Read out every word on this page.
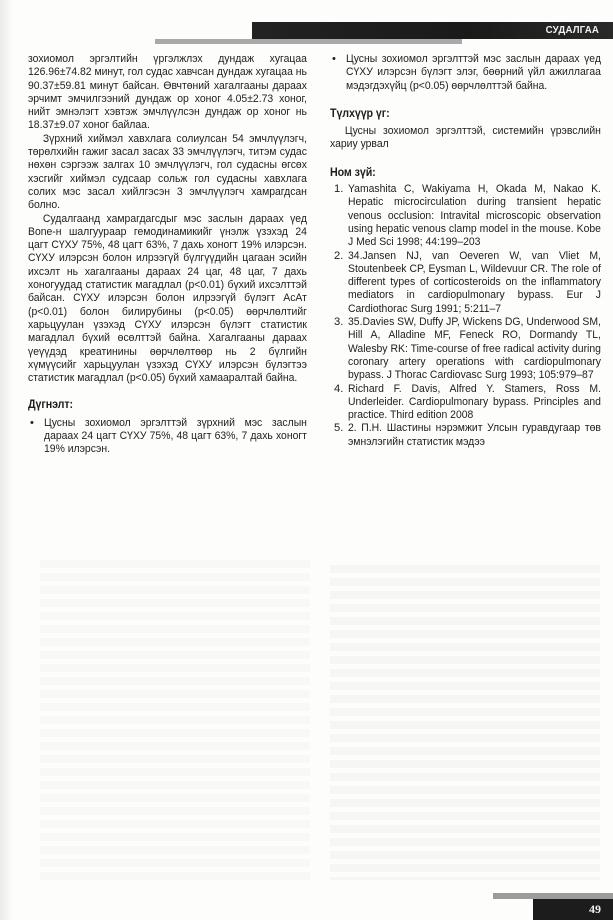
СУДАЛГАА

зохиомол эргэлтийн үргэлжлэх дундаж хугацаа 126.96±74.82 минут, гол судас хавчсан дундаж хугацаа нь 90.37±59.81 минут байсан. Өвчтөний хагалгааны дараах эрчимт эмчилгээний дундаж ор хоног 4.05±2.73 хоног, нийт эмнэлэгт хэвтэж эмчлүүлсэн дундаж ор хоног нь 18.37±9.07 хоног байлаа.

Зүрхний хиймэл хавхлага солиулсан 54 эмчлүүлэгч, төрөлхийн гажиг засал засах 33 эмчлүүлэгч, титэм судас нөхөн сэргээж залгах 10 эмчлүүлэгч, гол судасны өгсөх хэсгийг хиймэл судсаар сольж гол судасны хавхлага солих мэс засал хийлгэсэн 3 эмчлүүлэгч хамрагдсан болно.

Судалгаанд хамрагдагсдыг мэс заслын дараах үед Bone-н шалгуураар гемодинамикийг үнэлж үзэхэд 24 цагт СҮХУ 75%, 48 цагт 63%, 7 дахь хоногт 19% илэрсэн. СҮХУ илэрсэн болон илрээгүй бүлгүүдийн цагаан эсийн ихсэлт нь хагалгааны дараах 24 цаг, 48 цаг, 7 дахь хоногуудад статистик магадлал (p<0.01) бүхий ихсэлттэй байсан. СҮХУ илэрсэн болон илрээгүй бүлэгт АсАт (p<0.01) болон билирубины (p<0.05) өөрчлөлтийг харьцуулан үзэхэд СҮХУ илэрсэн бүлэгт статистик магадлал бүхий өсөлттэй байна. Хагалгааны дараах үеүүдэд креатинины өөрчлөлтөөр нь 2 бүлгийн хүмүүсийг харьцуулан үзэхэд СҮХУ илэрсэн бүлэгтээ статистик магадлал (p<0.05) бүхий хамааралтай байна.

Дүгнэлт:

• Цусны зохиомол эргэлттэй зүрхний мэс заслын дараах 24 цагт СҮХУ 75%, 48 цагт 63%, 7 дахь хоногт 19% илэрсэн.

• Цусны зохиомол эргэлттэй мэс заслын дараах үед СҮХУ илэрсэн бүлэгт элэг, бөөрний үйл ажиллагаа мэдэгдэхүйц (p<0.05) өөрчлөлттэй байна.

Түлхүүр үг:

Цусны зохиомол эргэлттэй, системийн үрэвслийн хариу урвал

Ном зүй:

1. Yamashita C, Wakiyama H, Okada M, Nakao K. Hepatic microcirculation during transient hepatic venous occlusion: Intravital microscopic observation using hepatic venous clamp model in the mouse. Kobe J Med Sci 1998; 44:199–203

2. 34.Jansen NJ, van Oeveren W, van Vliet M, Stoutenbeek CP, Eysman L, Wildevuur CR. The role of different types of corticosteroids on the inflammatory mediators in cardiopulmonary bypass. Eur J Cardiothorac Surg 1991; 5:211–7

3. 35.Davies SW, Duffy JP, Wickens DG, Underwood SM, Hill A, Alladine MF, Feneck RO, Dormandy TL, Walesby RK: Time-course of free radical activity during coronary artery operations with cardiopulmonary bypass. J Thorac Cardiovasc Surg 1993; 105:979–87

4. Richard F. Davis, Alfred Y. Stamers, Ross M. Underleider. Cardiopulmonary bypass. Principles and practice. Third edition 2008

5. 2. П.Н. Шастины нэрэмжит Улсын гуравдугаар төв эмнэлэгийн статистик мэдээ

49
